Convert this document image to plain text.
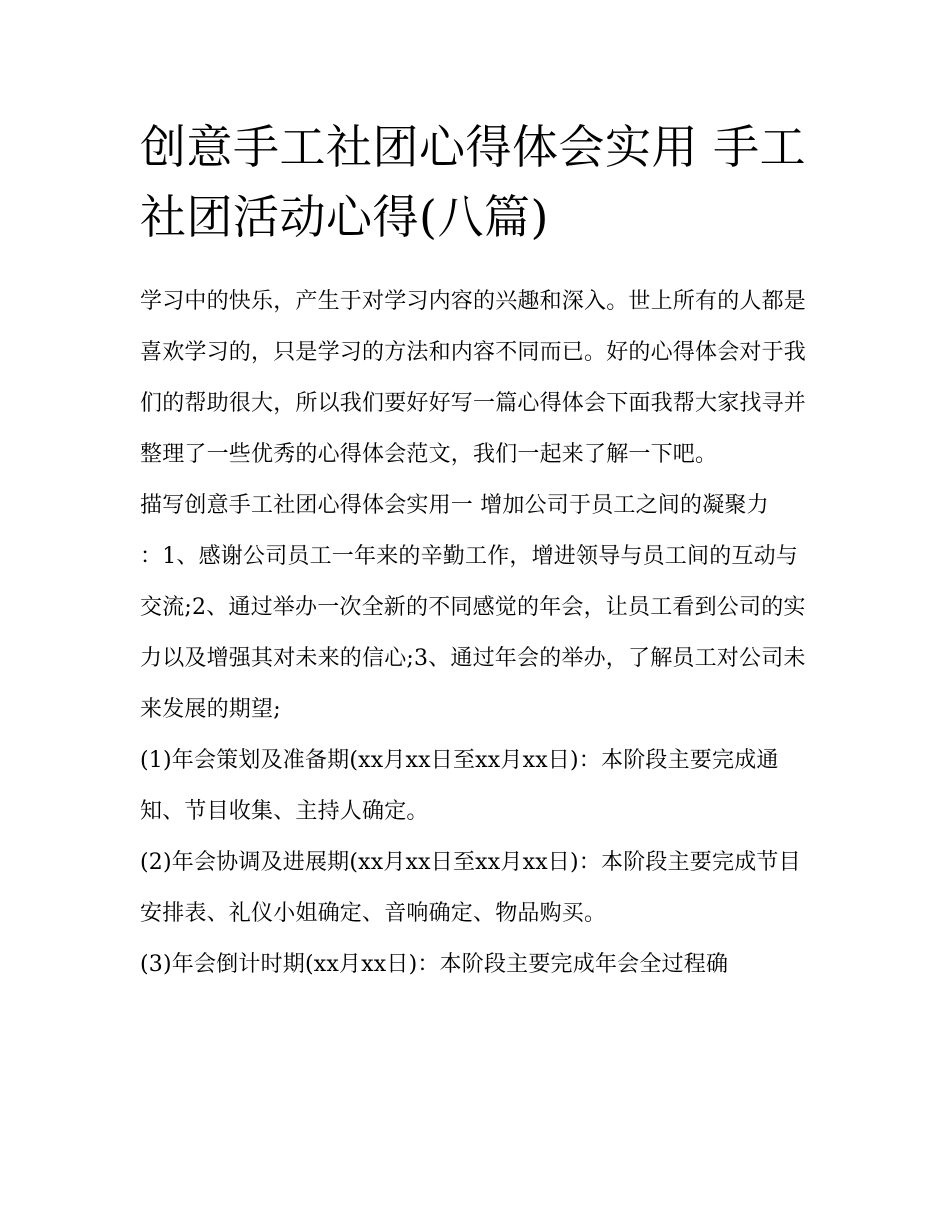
创意手工社团心得体会实用 手工社团活动心得(八篇)

学习中的快乐，产生于对学习内容的兴趣和深入。世上所有的人都是喜欢学习的，只是学习的方法和内容不同而已。好的心得体会对于我们的帮助很大，所以我们要好好写一篇心得体会下面我帮大家找寻并整理了一些优秀的心得体会范文，我们一起来了解一下吧。

描写创意手工社团心得体会实用一 增加公司于员工之间的凝聚力

：1、感谢公司员工一年来的辛勤工作，增进领导与员工间的互动与交流;2、通过举办一次全新的不同感觉的年会，让员工看到公司的实力以及增强其对未来的信心;3、通过年会的举办，了解员工对公司未来发展的期望;

(1)年会策划及准备期(xx月xx日至xx月xx日)：本阶段主要完成通知、节目收集、主持人确定。

(2)年会协调及进展期(xx月xx日至xx月xx日)：本阶段主要完成节目安排表、礼仪小姐确定、音响确定、物品购买。

(3)年会倒计时期(xx月xx日)：本阶段主要完成年会全过程确
